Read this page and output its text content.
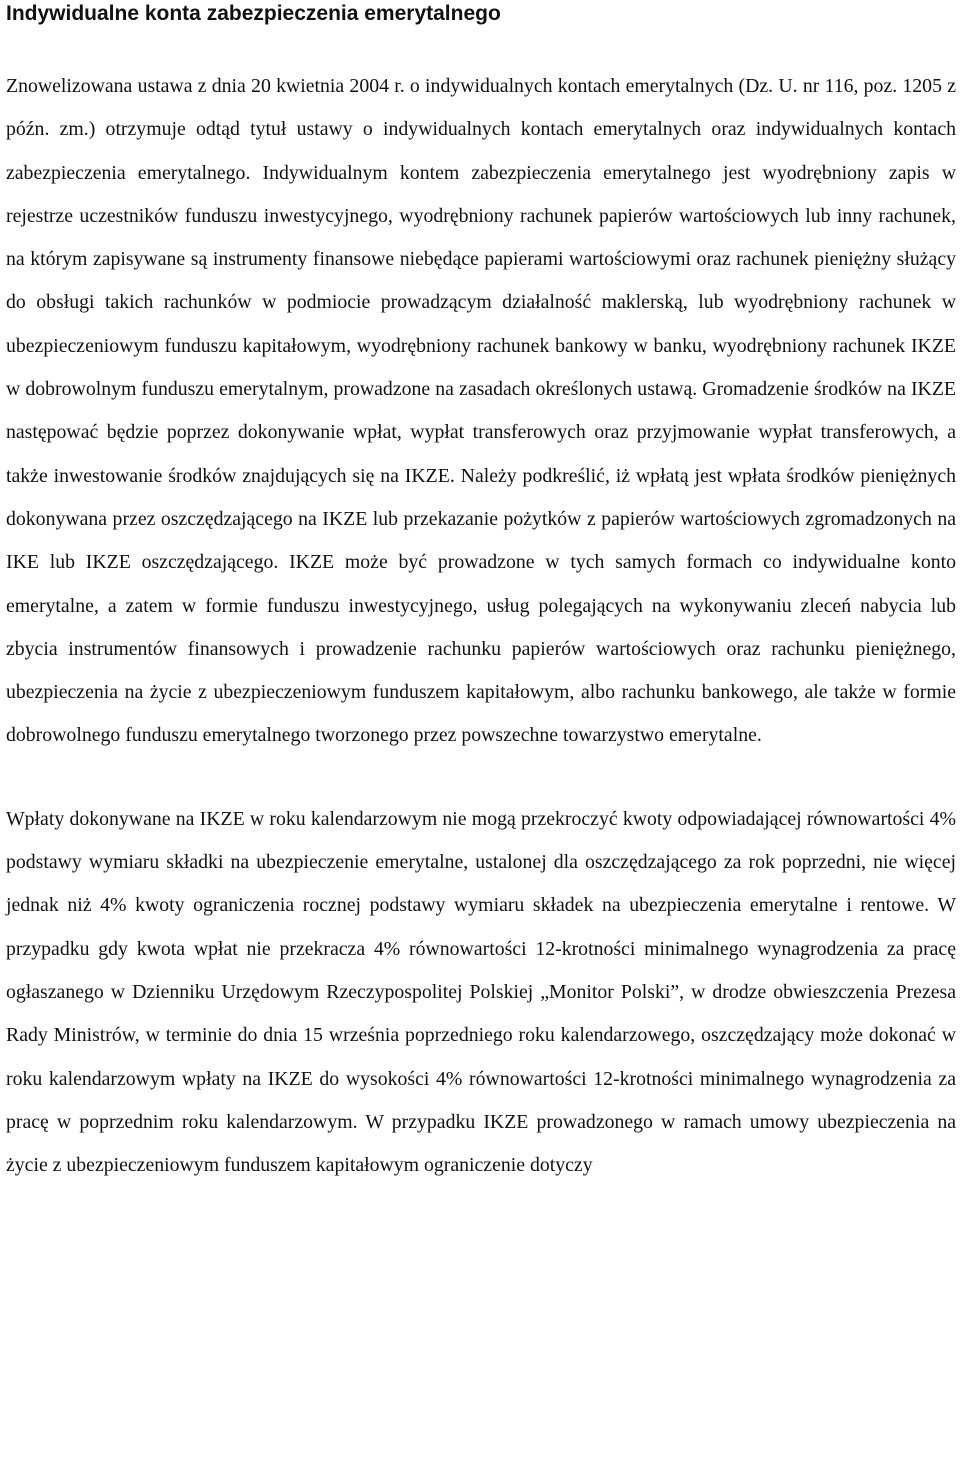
Indywidualne konta zabezpieczenia emerytalnego

Znowelizowana ustawa z dnia 20 kwietnia 2004 r. o indywidualnych kontach emerytalnych (Dz. U. nr 116, poz. 1205 z późn. zm.) otrzymuje odtąd tytuł ustawy o indywidualnych kontach emerytalnych oraz indywidualnych kontach zabezpieczenia emerytalnego. Indywidualnym kontem zabezpieczenia emerytalnego jest wyodrębniony zapis w rejestrze uczestników funduszu inwestycyjnego, wyodrębniony rachunek papierów wartościowych lub inny rachunek, na którym zapisywane są instrumenty finansowe niebędące papierami wartościowymi oraz rachunek pieniężny służący do obsługi takich rachunków w podmiocie prowadzącym działalność maklerską, lub wyodrębniony rachunek w ubezpieczeniowym funduszu kapitałowym, wyodrębniony rachunek bankowy w banku, wyodrębniony rachunek IKZE w dobrowolnym funduszu emerytalnym, prowadzone na zasadach określonych ustawą. Gromadzenie środków na IKZE następować będzie poprzez dokonywanie wpłat, wypłat transferowych oraz przyjmowanie wypłat transferowych, a także inwestowanie środków znajdujących się na IKZE. Należy podkreślić, iż wpłatą jest wpłata środków pieniężnych dokonywana przez oszczędzającego na IKZE lub przekazanie pożytków z papierów wartościowych zgromadzonych na IKE lub IKZE oszczędzającego. IKZE może być prowadzone w tych samych formach co indywidualne konto emerytalne, a zatem w formie funduszu inwestycyjnego, usług polegających na wykonywaniu zleceń nabycia lub zbycia instrumentów finansowych i prowadzenie rachunku papierów wartościowych oraz rachunku pieniężnego, ubezpieczenia na życie z ubezpieczeniowym funduszem kapitałowym, albo rachunku bankowego, ale także w formie dobrowolnego funduszu emerytalnego tworzonego przez powszechne towarzystwo emerytalne.

Wpłaty dokonywane na IKZE w roku kalendarzowym nie mogą przekroczyć kwoty odpowiadającej równowartości 4% podstawy wymiaru składki na ubezpieczenie emerytalne, ustalonej dla oszczędzającego za rok poprzedni, nie więcej jednak niż 4% kwoty ograniczenia rocznej podstawy wymiaru składek na ubezpieczenia emerytalne i rentowe. W przypadku gdy kwota wpłat nie przekracza 4% równowartości 12-krotności minimalnego wynagrodzenia za pracę ogłaszanego w Dzienniku Urzędowym Rzeczypospolitej Polskiej „Monitor Polski”, w drodze obwieszczenia Prezesa Rady Ministrów, w terminie do dnia 15 września poprzedniego roku kalendarzowego, oszczędzający może dokonać w roku kalendarzowym wpłaty na IKZE do wysokości 4% równowartości 12-krotności minimalnego wynagrodzenia za pracę w poprzednim roku kalendarzowym. W przypadku IKZE prowadzonego w ramach umowy ubezpieczenia na życie z ubezpieczeniowym funduszem kapitałowym ograniczenie dotyczy
